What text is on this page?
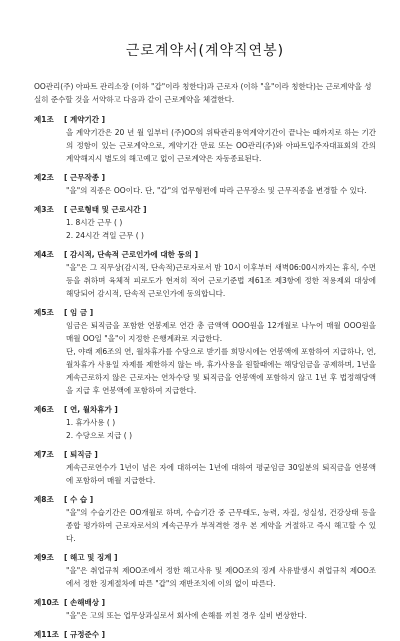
근로계약서(계약직연봉)

OO관리(주) 아파트 관리소장 (이하 "갑"이라 칭한다)과 근로자 (이하 "을"이라 칭한다)는 근로계약을 성실히 준수할 것을 서약하고 다음과 같이 근로계약을 체결한다.

제1조	[ 계약기간 ]

을 계약기간은 20 년 월 일부터 (주)OO의 위탁관리용역계약기간이 끝나는 때까지로 하는 기간의 정함이 있는 근로계약으로, 계약기간 만료 또는 OO관리(주)와 아파트입주자대표회의 간의 계약해지시 별도의 해고예고 없이 근로계약은 자동종료된다.

제2조	[ 근무작종 ]

"을"의 직종은 OO이다. 단, "갑"의 업무형편에 따라 근무장소 및 근무직종을 변경할 수 있다.

제3조	[ 근로형태 및 근로시간 ]

1. 8시간 근무 ( )

2. 24시간 격일 근무 ( )

제4조	[ 감시적, 단속적 근로인가에 대한 동의 ]

"을"은 그 직무상(감시적, 단속적)근로자로서 밤 10시 이후부터 새벽06:00시까지는 휴식, 수면 등을 취하며 육체적 피로도가 현저히 적어 근로기준법 제61조 제3항에 정한 적용제외 대상에 해당되어 감시적, 단속적 근로인가에 동의합니다.

제5조	[ 임 금 ]

임금은 퇴직금을 포함한 연봉제로 연간 총 금액액 OOO원을 12개월로 나누어 매월 OOO원을 매월 OO일 "을"이 지정한 은행계좌로 지급한다.

단, 야래 제6조의 연, 월차휴가를 수당으로 받기를 희망시에는 연봉액에 포함하여 지급하나, 연, 월차휴가 사용일 자제를 제한하지 않는 바, 휴가사용을 원할때에는 해당임금을 공제하며, 1년을 계속근로하지 않은 근로자는 연차수당 및 퇴직금을 연봉액에 포함하지 않고 1년 후 법정해당액을 지급 후 연봉액에 포함하여 지급한다.

제6조	[ 연, 월차휴가 ]

1. 휴가사용 ( )

2. 수당으로 지급 ( )

제7조	[ 퇴직금 ]

계속근로연수가 1년이 넘은 자에 대하여는 1년에 대하여 평균임금 30일분의 퇴직금을 연봉액에 포함하여 매월 지급한다.

제8조	[ 수 습 ]

"을"의 수습기간은 OO개월로 하며, 수습기간 중 근무태도, 능력, 자질, 성실성, 건강상태 등을 종합 평가하여 근로자로서의 계속근무가 부적격한 경우 본 계약을 거절하고 즉시 해고할 수 있다.

제9조	[ 해고 및 징계 ]

"을"은 취업규칙 제OO조에서 정한 해고사유 및 제OO조의 징계 사유발생시 취업규칙 제OO조에서 정한 징계절차에 따른 "갑"의 재반조치에 이의 없이 따른다.

제10조 [ 손해배상 ]

"을"은 고의 또는 업무상과실로서 회사에 손해를 끼친 경우 실비 변상한다.

제11조 [ 규정준수 ]
